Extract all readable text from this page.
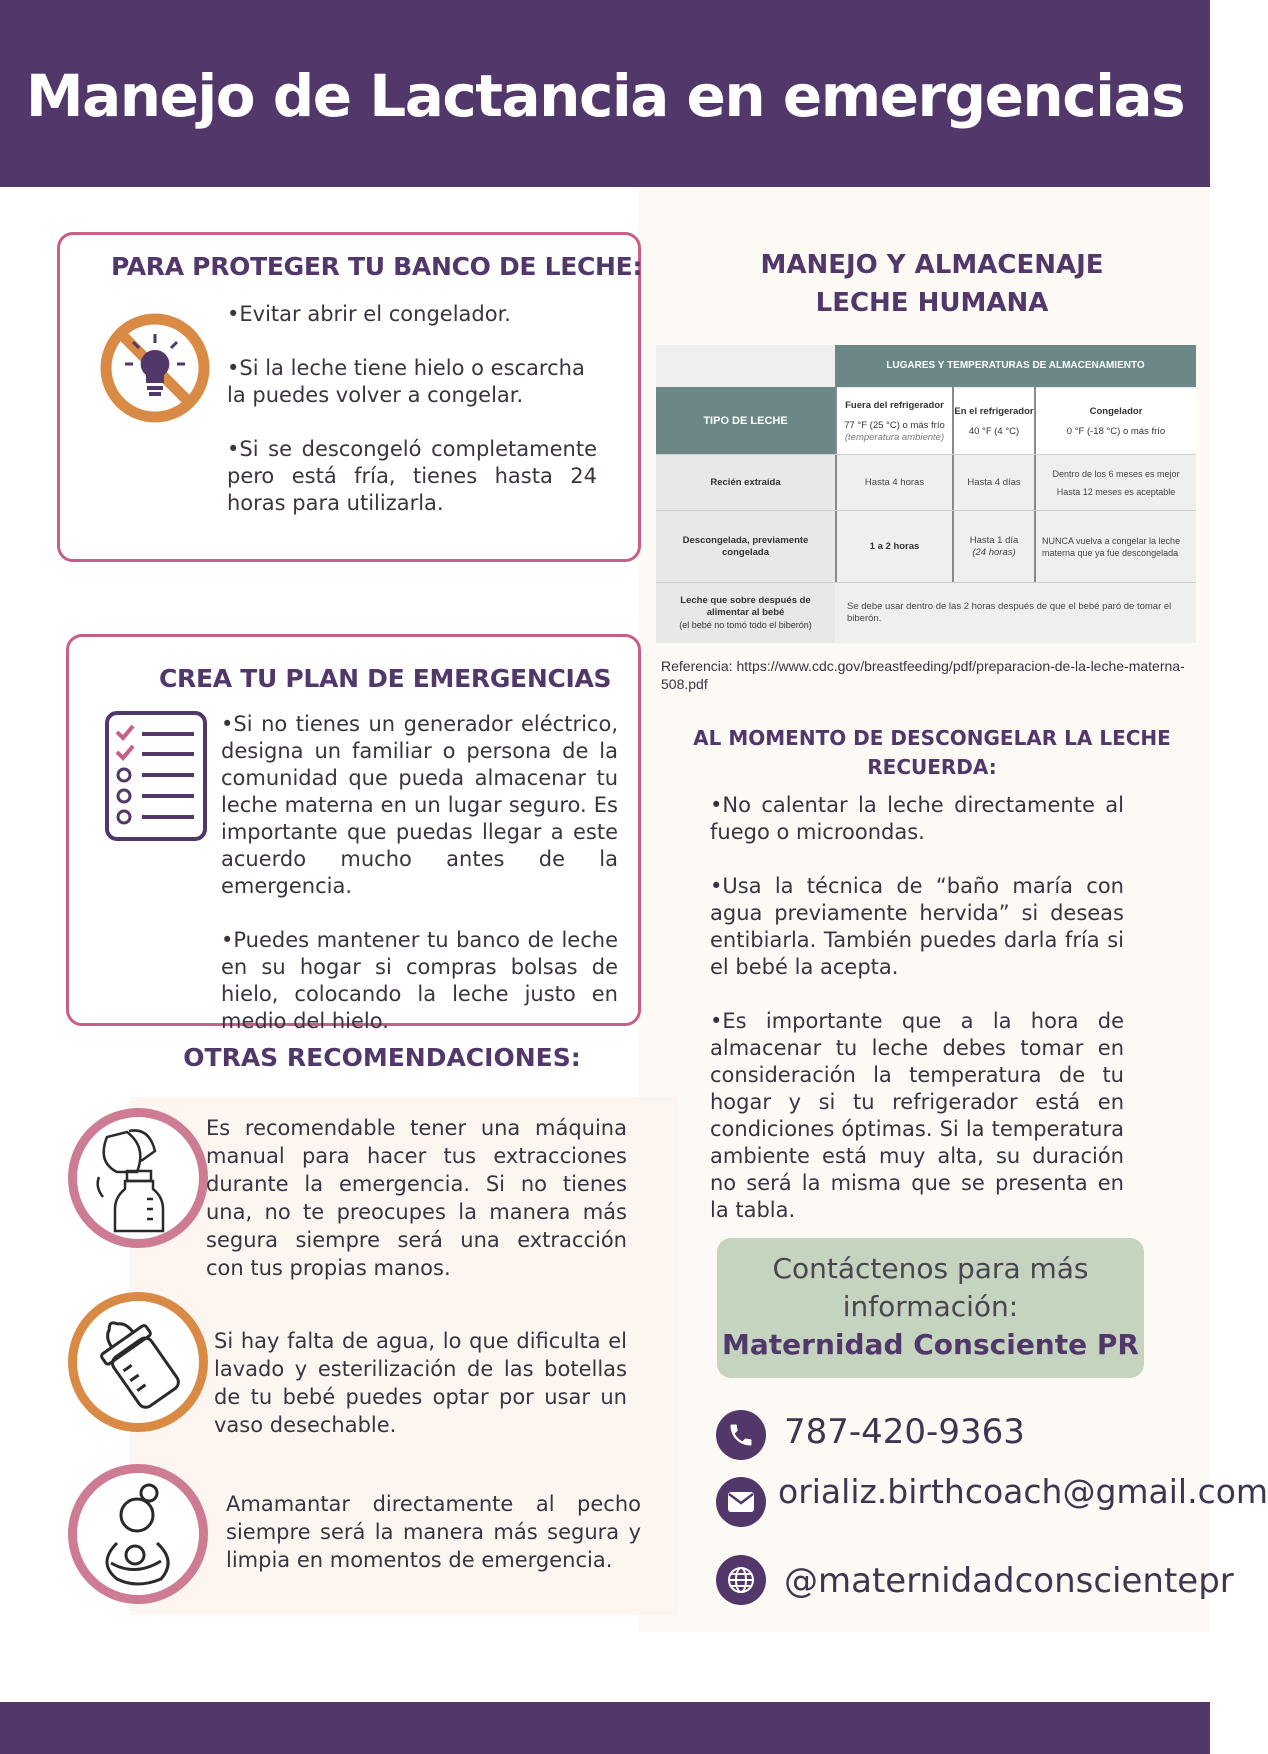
Manejo de Lactancia en emergencias
PARA PROTEGER TU BANCO DE LECHE:

•Evitar abrir el congelador.

•Si la leche tiene hielo o escarcha la puedes volver a congelar.

•Si se descongeló completamente pero está fría, tienes hasta 24 horas para utilizarla.

CREA TU PLAN DE EMERGENCIAS

•Si no tienes un generador eléctrico, designa un familiar o persona de la comunidad que pueda almacenar tu leche materna en un lugar seguro. Es importante que puedas llegar a este acuerdo mucho antes de la emergencia.

•Puedes mantener tu banco de leche en su hogar si compras bolsas de hielo, colocando la leche justo en medio del hielo.

OTRAS RECOMENDACIONES:
Es recomendable tener una máquina manual para hacer tus extracciones durante la emergencia. Si no tienes una, no te preocupes la manera más segura siempre será una extracción con tus propias manos.
Si hay falta de agua, lo que dificulta el lavado y esterilización de las botellas de tu bebé puedes optar por usar un vaso desechable.
Amamantar directamente al pecho siempre será la manera más segura y limpia en momentos de emergencia.
MANEJO Y ALMACENAJE
LECHE HUMANA
LUGARES Y TEMPERATURAS DE ALMACENAMIENTO
TIPO DE LECHE
Fuera del refrigerador
77 °F (25 °C) o más frío
(temperatura ambiente)
En el refrigerador
40 °F (4 °C)
Congelador
0 °F (-18 °C) o más frío
Recién extraída	Hasta 4 horas	Hasta 4 días
Dentro de los 6 meses es mejor
Hasta 12 meses es aceptable
Descongelada, previamente congelada
1 a 2 horas
Hasta 1 día
(24 horas)
NUNCA vuelva a congelar la leche materna que ya fue descongelada
Leche que sobre después de alimentar al bebé
(el bebé no tomó todo el biberón)
Se debe usar dentro de las 2 horas después de que el bebé paró de tomar el biberón.
Referencia: https://www.cdc.gov/breastfeeding/pdf/preparacion-de-la-leche-materna-508.pdf
AL MOMENTO DE DESCONGELAR LA LECHE
RECUERDA:

•No calentar la leche directamente al fuego o microondas.

•Usa la técnica de “baño maría con agua previamente hervida” si deseas entibiarla. También puedes darla fría si el bebé la acepta.

•Es importante que a la hora de almacenar tu leche debes tomar en consideración la temperatura de tu hogar y si tu refrigerador está en condiciones óptimas. Si la temperatura ambiente está muy alta, su duración no será la misma que se presenta en la tabla.

Contáctenos para más
información:
Maternidad Consciente PR
787-420-9363
orializ.birthcoach@gmail.com
@maternidadconscientepr
